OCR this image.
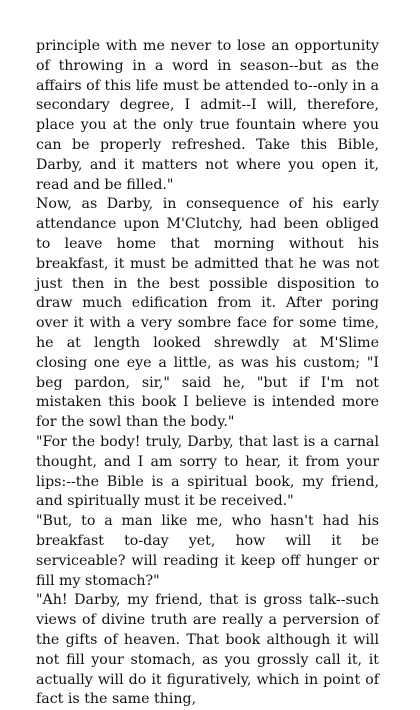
principle with me never to lose an opportunity of throwing in a word in season--but as the affairs of this life must be attended to--only in a secondary degree, I admit--I will, therefore, place you at the only true fountain where you can be properly refreshed. Take this Bible, Darby, and it matters not where you open it, read and be filled."

Now, as Darby, in consequence of his early attendance upon M'Clutchy, had been obliged to leave home that morning without his breakfast, it must be admitted that he was not just then in the best possible disposition to draw much edification from it. After poring over it with a very sombre face for some time, he at length looked shrewdly at M'Slime closing one eye a little, as was his custom; "I beg pardon, sir," said he, "but if I'm not mistaken this book I believe is intended more for the sowl than the body."

"For the body! truly, Darby, that last is a carnal thought, and I am sorry to hear, it from your lips:--the Bible is a spiritual book, my friend, and spiritually must it be received."

"But, to a man like me, who hasn't had his breakfast to-day yet, how will it be serviceable? will reading it keep off hunger or fill my stomach?"

"Ah! Darby, my friend, that is gross talk--such views of divine truth are really a perversion of the gifts of heaven. That book although it will not fill your stomach, as you grossly call it, it actually will do it figuratively, which in point of fact is the same thing,
